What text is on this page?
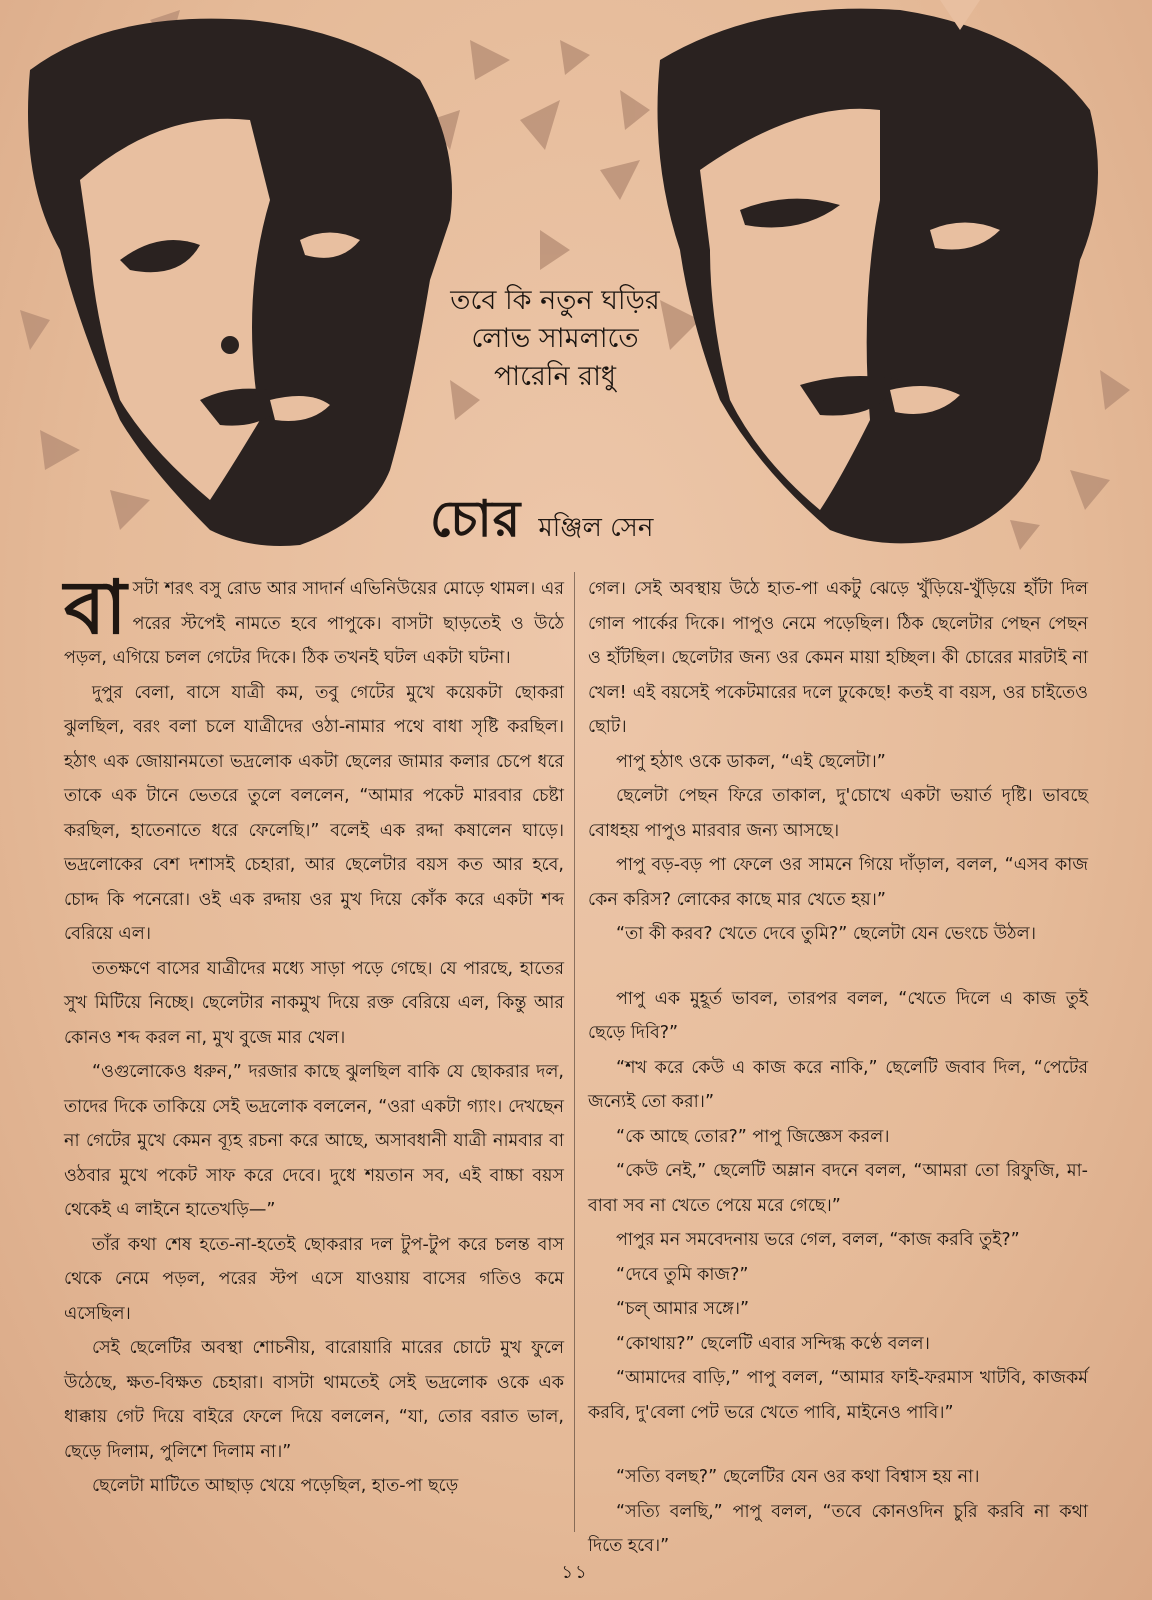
তবে কি নতুন ঘড়ির
লোভ সামলাতে
পারেনি রাধু
চোর মঞ্জিল সেন

বাসটা শরৎ বসু রোড আর সাদার্ন এভিনিউয়ের মোড়ে থামল। এর পরের স্টপেই নামতে হবে পাপুকে। বাসটা ছাড়তেই ও উঠে পড়ল, এগিয়ে চলল গেটের দিকে। ঠিক তখনই ঘটল একটা ঘটনা।

দুপুর বেলা, বাসে যাত্রী কম, তবু গেটের মুখে কয়েকটা ছোকরা ঝুলছিল, বরং বলা চলে যাত্রীদের ওঠা-নামার পথে বাধা সৃষ্টি করছিল। হঠাৎ এক জোয়ানমতো ভদ্রলোক একটা ছেলের জামার কলার চেপে ধরে তাকে এক টানে ভেতরে তুলে বললেন, “আমার পকেট মারবার চেষ্টা করছিল, হাতেনাতে ধরে ফেলেছি।” বলেই এক রদ্দা কষালেন ঘাড়ে। ভদ্রলোকের বেশ দশাসই চেহারা, আর ছেলেটার বয়স কত আর হবে, চোদ্দ কি পনেরো। ওই এক রদ্দায় ওর মুখ দিয়ে কোঁক করে একটা শব্দ বেরিয়ে এল।

ততক্ষণে বাসের যাত্রীদের মধ্যে সাড়া পড়ে গেছে। যে পারছে, হাতের সুখ মিটিয়ে নিচ্ছে। ছেলেটার নাকমুখ দিয়ে রক্ত বেরিয়ে এল, কিন্তু আর কোনও শব্দ করল না, মুখ বুজে মার খেল।

“ওগুলোকেও ধরুন,” দরজার কাছে ঝুলছিল বাকি যে ছোকরার দল, তাদের দিকে তাকিয়ে সেই ভদ্রলোক বললেন, “ওরা একটা গ্যাং। দেখছেন না গেটের মুখে কেমন ব্যূহ রচনা করে আছে, অসাবধানী যাত্রী নামবার বা ওঠবার মুখে পকেট সাফ করে দেবে। দুধে শয়তান সব, এই বাচ্চা বয়স থেকেই এ লাইনে হাতেখড়ি—”

তাঁর কথা শেষ হতে-না-হতেই ছোকরার দল টুপ-টুপ করে চলন্ত বাস থেকে নেমে পড়ল, পরের স্টপ এসে যাওয়ায় বাসের গতিও কমে এসেছিল।

সেই ছেলেটির অবস্থা শোচনীয়, বারোয়ারি মারের চোটে মুখ ফুলে উঠেছে, ক্ষত-বিক্ষত চেহারা। বাসটা থামতেই সেই ভদ্রলোক ওকে এক ধাক্কায় গেট দিয়ে বাইরে ফেলে দিয়ে বললেন, “যা, তোর বরাত ভাল, ছেড়ে দিলাম, পুলিশে দিলাম না।”

ছেলেটা মাটিতে আছাড় খেয়ে পড়েছিল, হাত-পা ছড়ে

গেল। সেই অবস্থায় উঠে হাত-পা একটু ঝেড়ে খুঁড়িয়ে-খুঁড়িয়ে হাঁটা দিল গোল পার্কের দিকে। পাপুও নেমে পড়েছিল। ঠিক ছেলেটার পেছন পেছন ও হাঁটছিল। ছেলেটার জন্য ওর কেমন মায়া হচ্ছিল। কী চোরের মারটাই না খেল! এই বয়সেই পকেটমারের দলে ঢুকেছে! কতই বা বয়স, ওর চাইতেও ছোট।

পাপু হঠাৎ ওকে ডাকল, “এই ছেলেটা।”

ছেলেটা পেছন ফিরে তাকাল, দু'চোখে একটা ভয়ার্ত দৃষ্টি। ভাবছে বোধহয় পাপুও মারবার জন্য আসছে।

পাপু বড়-বড় পা ফেলে ওর সামনে গিয়ে দাঁড়াল, বলল, “এসব কাজ কেন করিস? লোকের কাছে মার খেতে হয়।”

“তা কী করব? খেতে দেবে তুমি?” ছেলেটা যেন ভেংচে উঠল।

পাপু এক মুহূর্ত ভাবল, তারপর বলল, “খেতে দিলে এ কাজ তুই ছেড়ে দিবি?”

“শখ করে কেউ এ কাজ করে নাকি,” ছেলেটি জবাব দিল, “পেটের জন্যেই তো করা।”

“কে আছে তোর?” পাপু জিজ্ঞেস করল।

“কেউ নেই,” ছেলেটি অম্লান বদনে বলল, “আমরা তো রিফুজি, মা-বাবা সব না খেতে পেয়ে মরে গেছে।”

পাপুর মন সমবেদনায় ভরে গেল, বলল, “কাজ করবি তুই?”

“দেবে তুমি কাজ?”

“চল্ আমার সঙ্গে।”

“কোথায়?” ছেলেটি এবার সন্দিগ্ধ কণ্ঠে বলল।

“আমাদের বাড়ি,” পাপু বলল, “আমার ফাই-ফরমাস খাটবি, কাজকর্ম করবি, দু'বেলা পেট ভরে খেতে পাবি, মাইনেও পাবি।”

“সত্যি বলছ?” ছেলেটির যেন ওর কথা বিশ্বাস হয় না।

“সত্যি বলছি,” পাপু বলল, “তবে কোনওদিন চুরি করবি না কথা দিতে হবে।”

১১
